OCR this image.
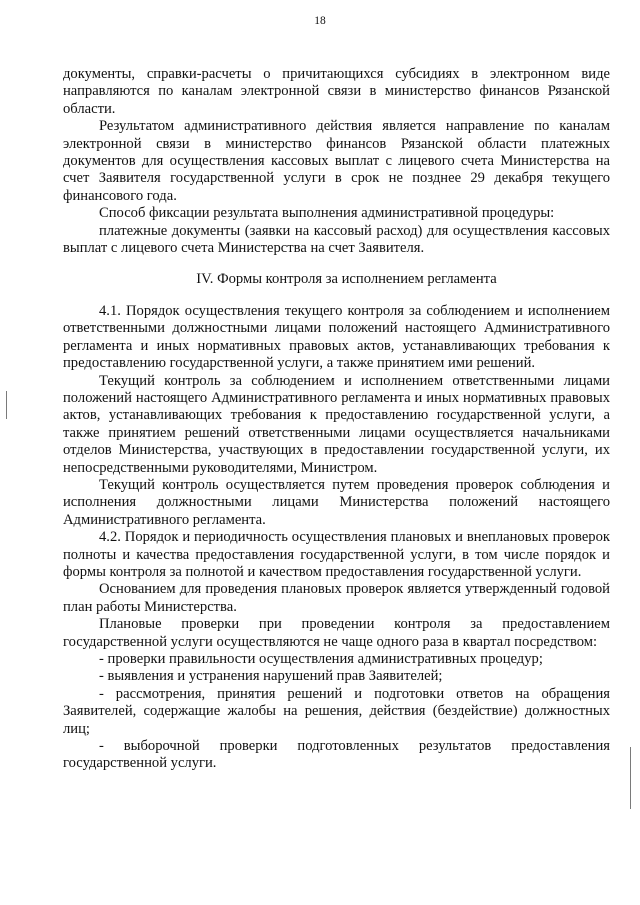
18

документы, справки-расчеты о причитающихся субсидиях в электронном виде направляются по каналам электронной связи в министерство финансов Рязанской области.

Результатом административного действия является направление по каналам электронной связи в министерство финансов Рязанской области платежных документов для осуществления кассовых выплат с лицевого счета Министерства на счет Заявителя государственной услуги в срок не позднее 29 декабря текущего финансового года.

Способ фиксации результата выполнения административной процедуры:

платежные документы (заявки на кассовый расход) для осуществления кассовых выплат с лицевого счета Министерства на счет Заявителя.

IV. Формы контроля за исполнением регламента

4.1. Порядок осуществления текущего контроля за соблюдением и исполнением ответственными должностными лицами положений настоящего Административного регламента и иных нормативных правовых актов, устанавливающих требования к предоставлению государственной услуги, а также принятием ими решений.

Текущий контроль за соблюдением и исполнением ответственными лицами положений настоящего Административного регламента и иных нормативных правовых актов, устанавливающих требования к предоставлению государственной услуги, а также принятием решений ответственными лицами осуществляется начальниками отделов Министерства, участвующих в предоставлении государственной услуги, их непосредственными руководителями, Министром.

Текущий контроль осуществляется путем проведения проверок соблюдения и исполнения должностными лицами Министерства положений настоящего Административного регламента.

4.2. Порядок и периодичность осуществления плановых и внеплановых проверок полноты и качества предоставления государственной услуги, в том числе порядок и формы контроля за полнотой и качеством предоставления государственной услуги.

Основанием для проведения плановых проверок является утвержденный годовой план работы Министерства.

Плановые проверки при проведении контроля за предоставлением государственной услуги осуществляются не чаще одного раза в квартал посредством:

- проверки правильности осуществления административных процедур;

- выявления и устранения нарушений прав Заявителей;

- рассмотрения, принятия решений и подготовки ответов на обращения Заявителей, содержащие жалобы на решения, действия (бездействие) должностных лиц;

- выборочной проверки подготовленных результатов предоставления государственной услуги.
